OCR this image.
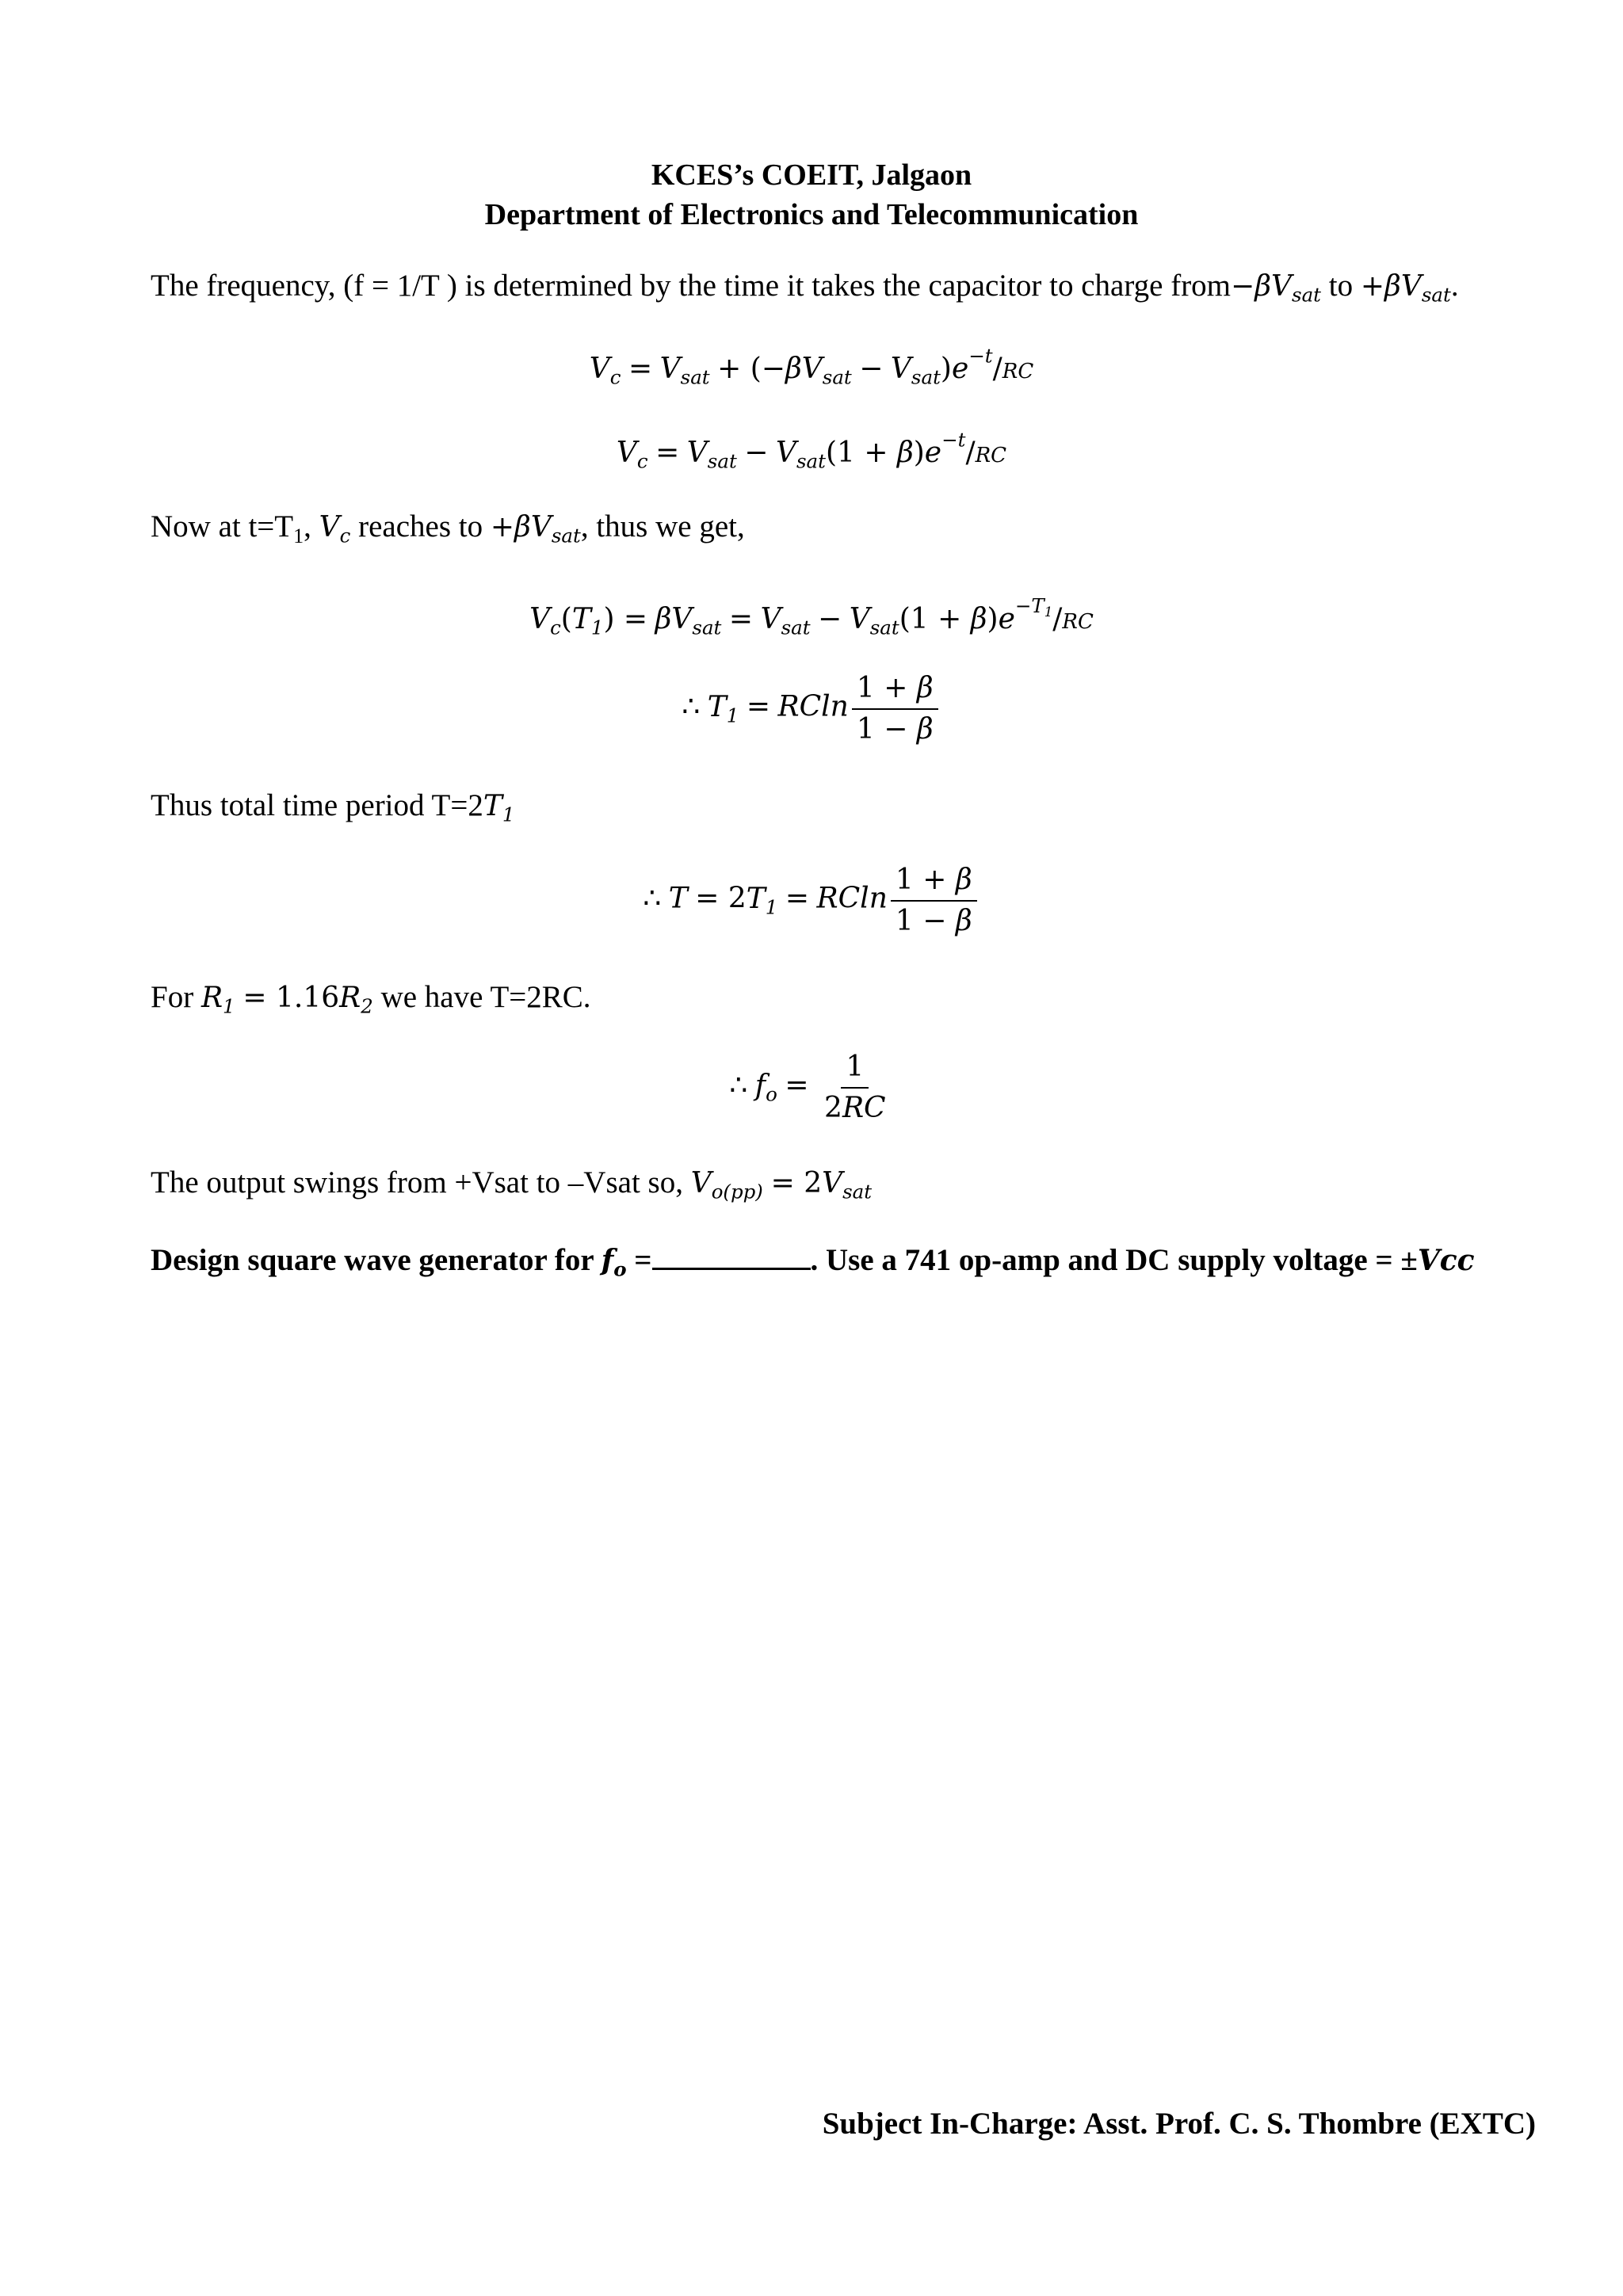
KCES’s COEIT, Jalgaon
Department of Electronics and Telecommunication
The frequency, (f = 1/T ) is determined by the time it takes the capacitor to charge $from-\beta V_{sat}$ to $+\beta V_{sat}$.
$V_c = V_{sat} + (-\beta V_{sat} - V_{sat})e^{-t}/RC$
$V_c = V_{sat} - V_{sat}(1 + \beta)e^{-t}/RC$
Now at $t=T_1$, $V_c$ reaches to $+\beta V_{sat}$, thus we get,
$V_c(T_1) = \beta V_{sat} = V_{sat} - V_{sat}(1 + \beta)e^{-T_1}/RC$
∴ $T_1 = RCln \frac{1 + \beta}{1 - \beta}$
Thus total time period $T=2T_1$
∴ $T = 2T_1 = RCln \frac{1 + \beta}{1 - \beta}$
For $R_1 = 1.16R_2$ we have T=2RC.
∴ $f_o = \frac{1}{2RC}$
The output swings from +Vsat to –Vsat so, $V_{o(pp)} = 2V_{sat}$
Design square wave generator for $f_o$ =	. Use a 741 op-amp and DC supply voltage = ±Vcc
Subject In-Charge: Asst. Prof. C. S. Thombre (EXTC)
